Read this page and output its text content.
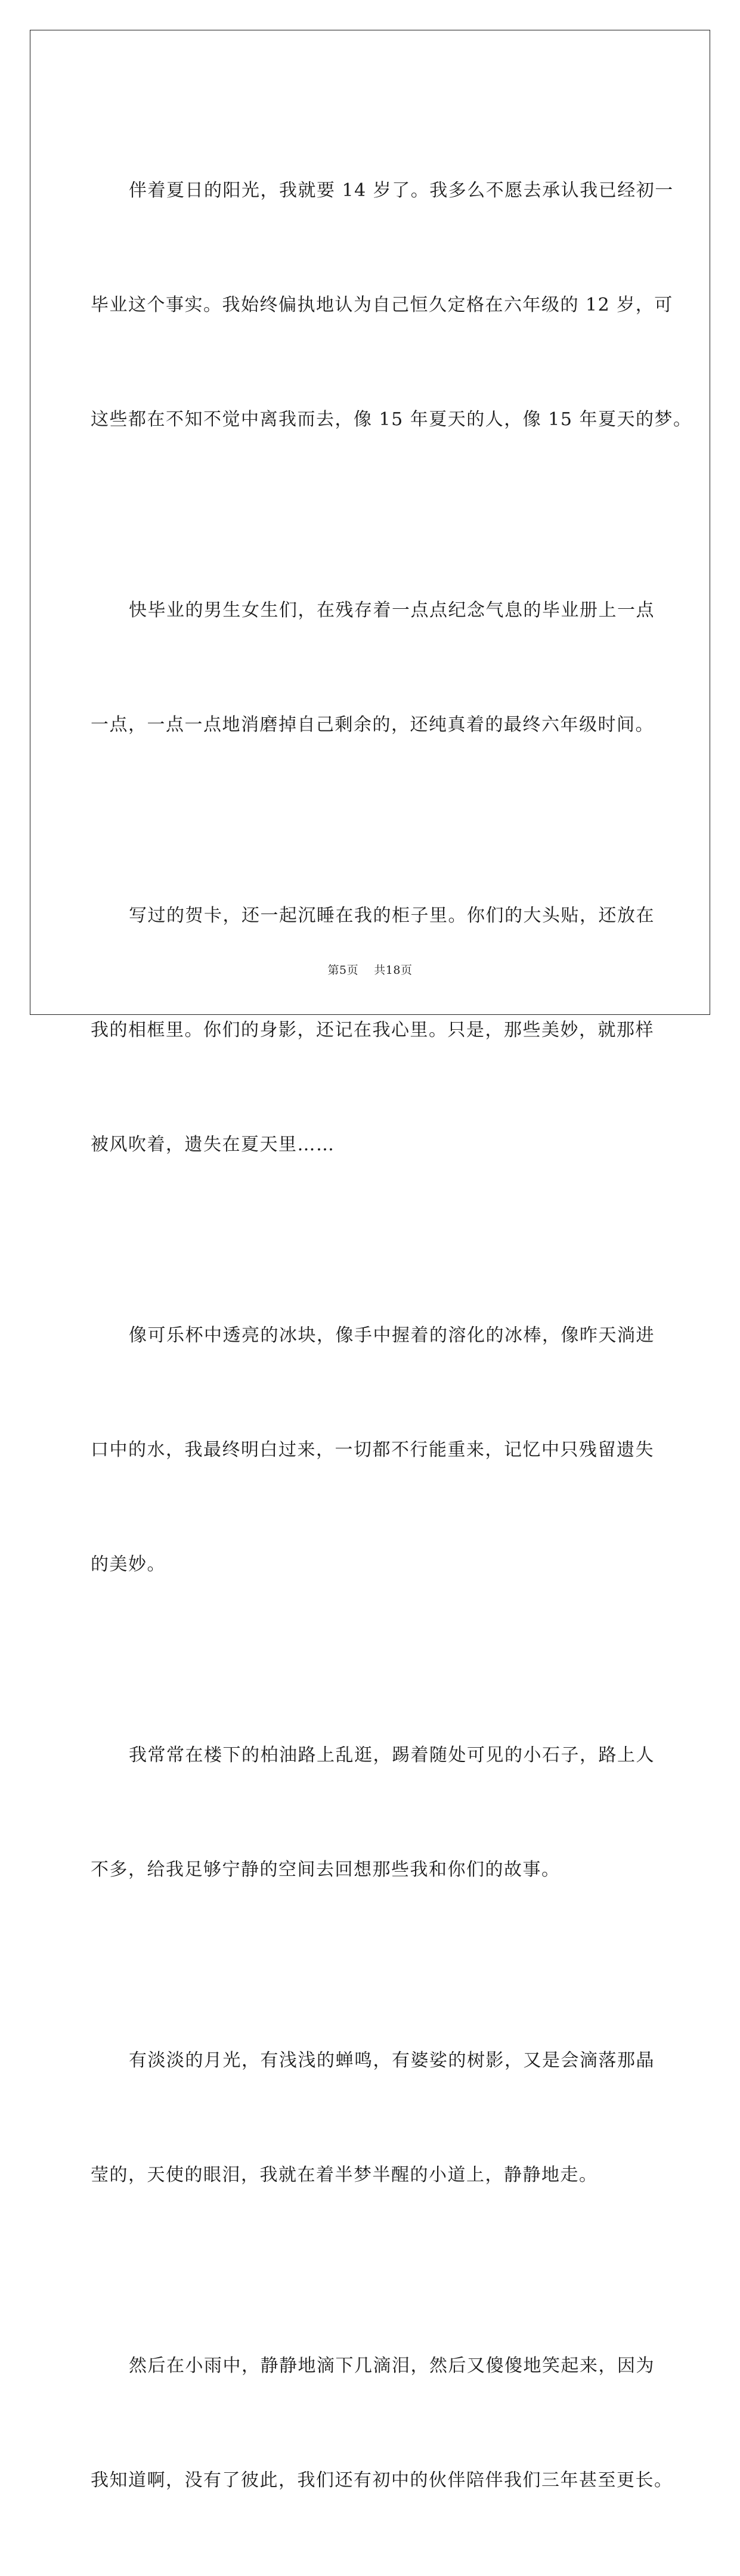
伴着夏日的阳光，我就要 14 岁了。我多么不愿去承认我已经初一

毕业这个事实。我始终偏执地认为自己恒久定格在六年级的 12 岁，可

这些都在不知不觉中离我而去，像 15 年夏天的人，像 15 年夏天的梦。

快毕业的男生女生们，在残存着一点点纪念气息的毕业册上一点

一点，一点一点地消磨掉自己剩余的，还纯真着的最终六年级时间。

写过的贺卡，还一起沉睡在我的柜子里。你们的大头贴，还放在

我的相框里。你们的身影，还记在我心里。只是，那些美妙，就那样

被风吹着，遗失在夏天里……

像可乐杯中透亮的冰块，像手中握着的溶化的冰棒，像昨天淌进

口中的水，我最终明白过来，一切都不行能重来，记忆中只残留遗失

的美妙。

我常常在楼下的柏油路上乱逛，踢着随处可见的小石子，路上人

不多，给我足够宁静的空间去回想那些我和你们的故事。

有淡淡的月光，有浅浅的蝉鸣，有婆娑的树影，又是会滴落那晶

莹的，天使的眼泪，我就在着半梦半醒的小道上，静静地走。

然后在小雨中，静静地滴下几滴泪，然后又傻傻地笑起来，因为

我知道啊，没有了彼此，我们还有初中的伙伴陪伴我们三年甚至更长。

第5页 共18页
